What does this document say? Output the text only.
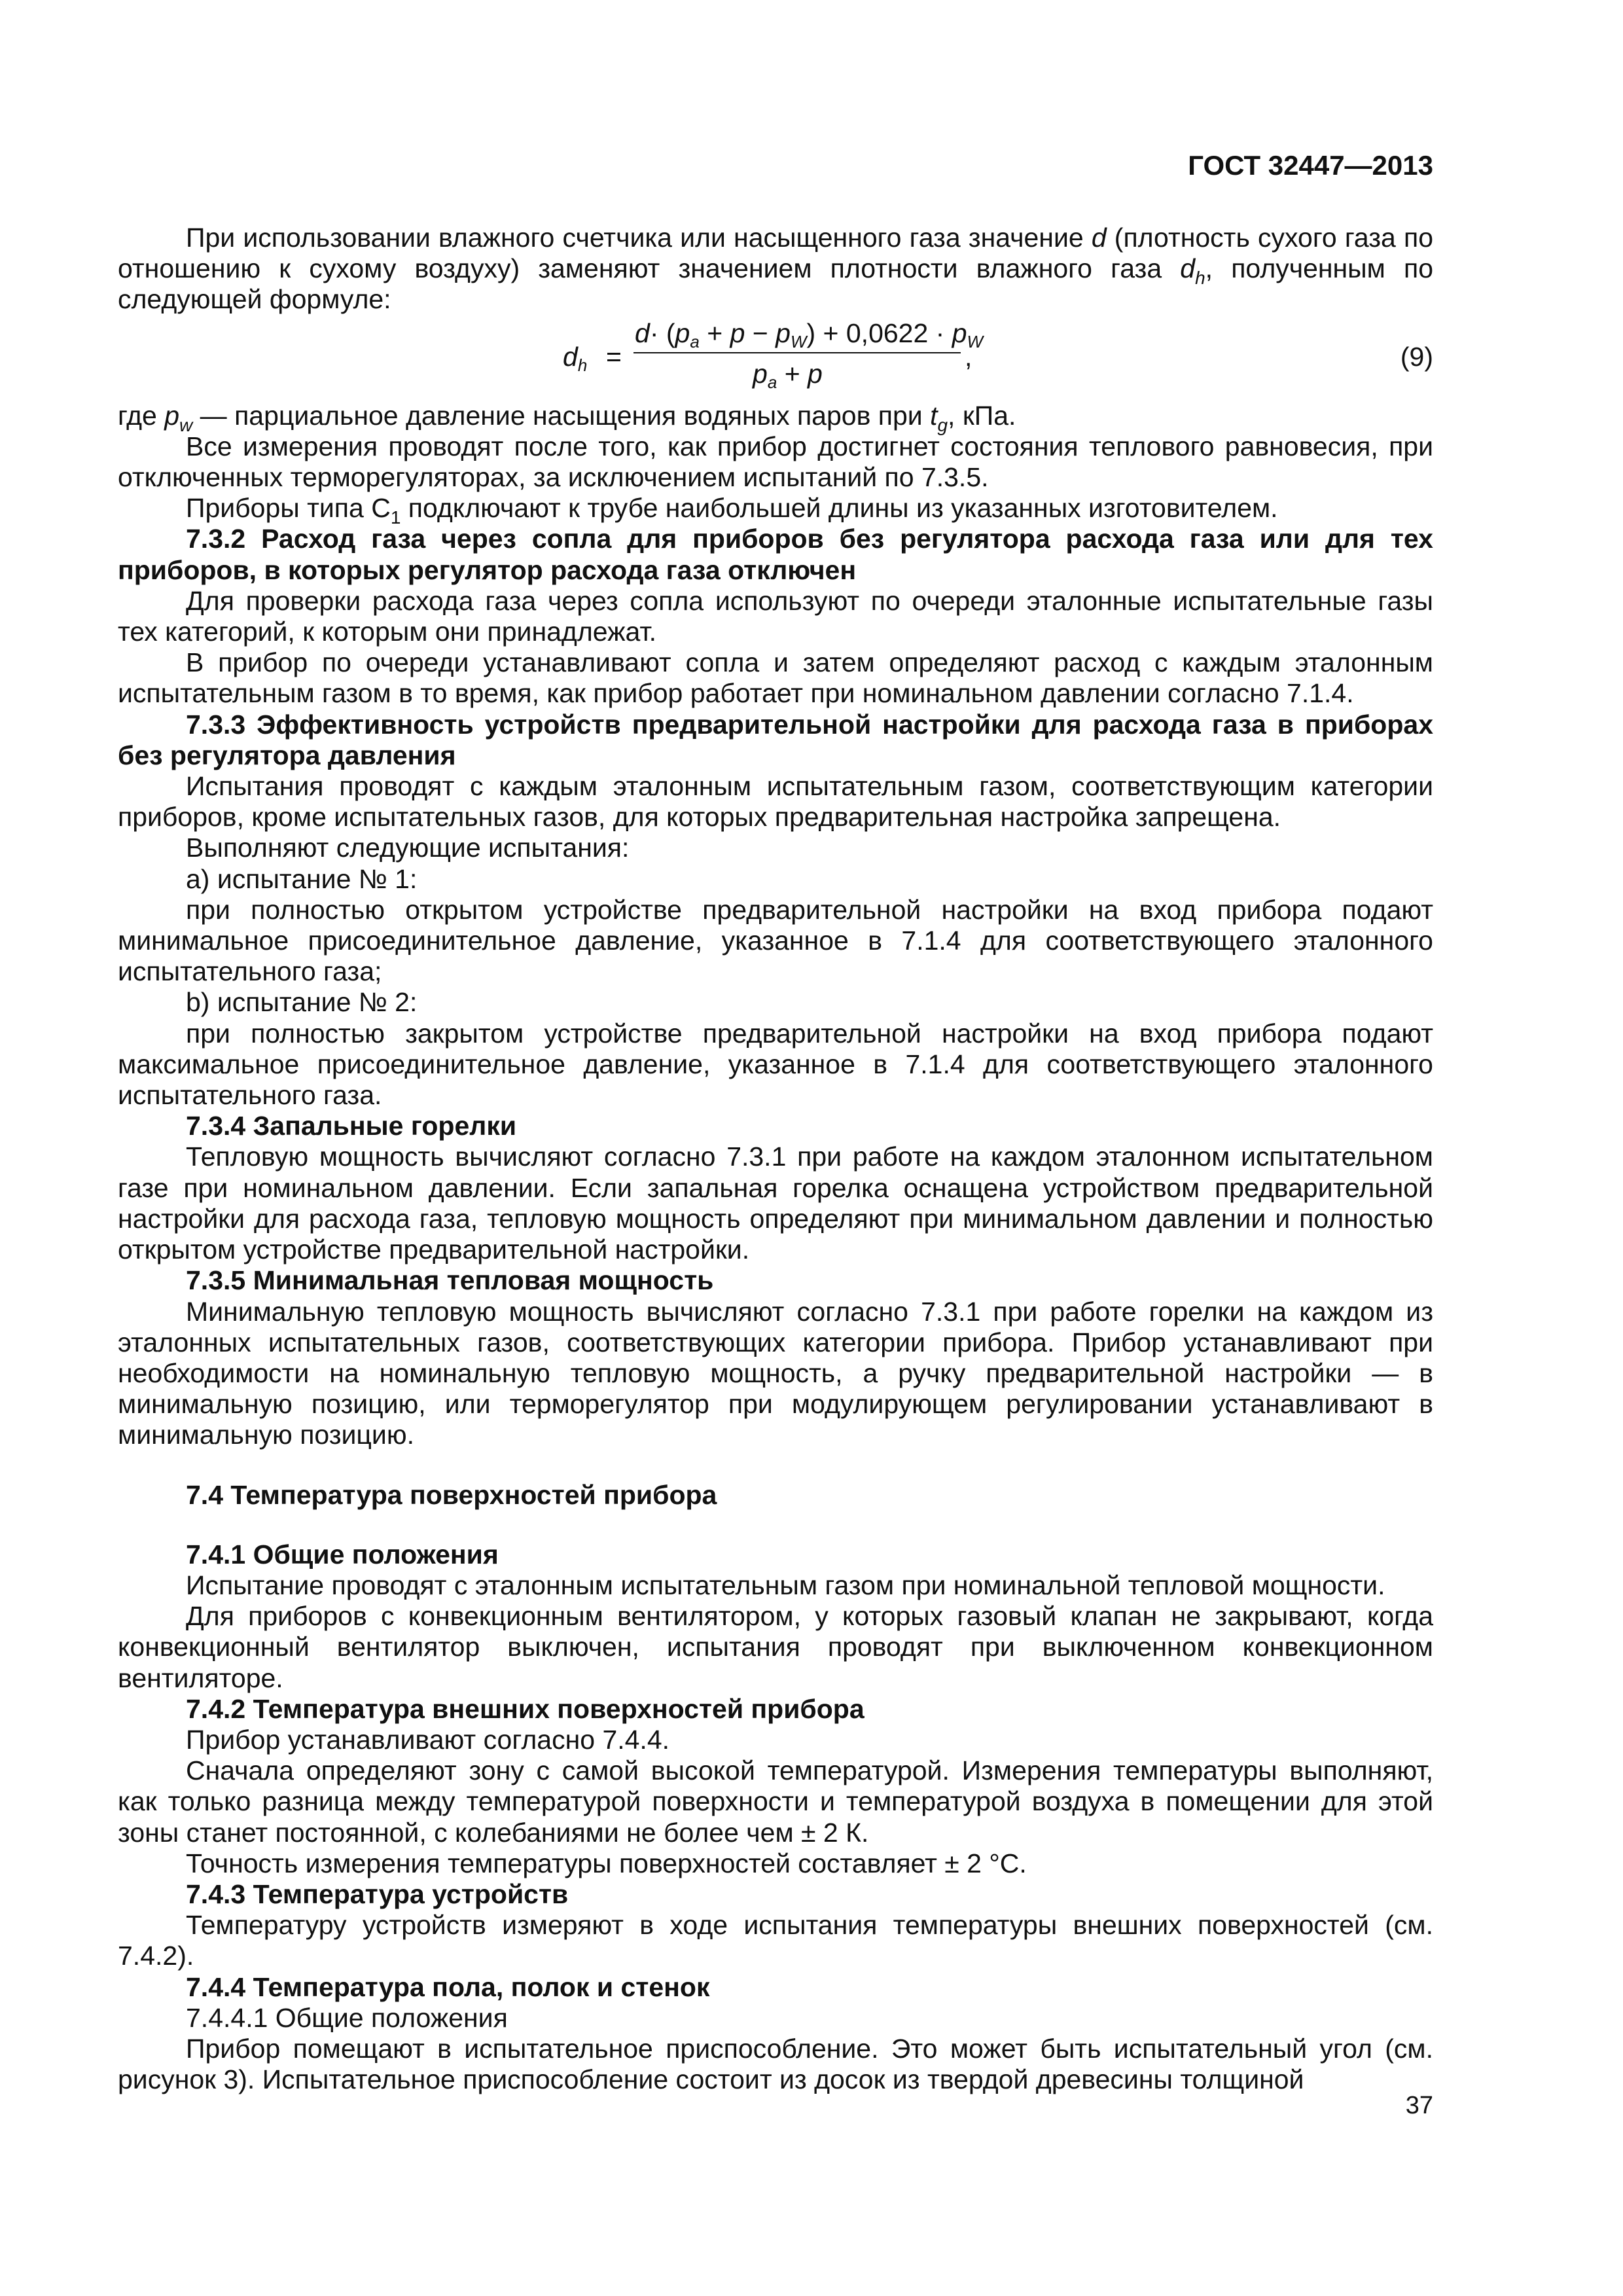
ГОСТ 32447—2013

При использовании влажного счетчика или насыщенного газа значение d (плотность сухого газа по отношению к сухому воздуху) заменяют значением плотности влажного газа $d_h$, полученным по следующей формуле:

$d_h$ =
$d\cdot (p_a + p - p_W) + 0,0622 \cdot p_W$
$p_a + p$
,	(9)

где $p_w$ — парциальное давление насыщения водяных паров при $t_g$, кПа.

Все измерения проводят после того, как прибор достигнет состояния теплового равновесия, при отключенных терморегуляторах, за исключением испытаний по 7.3.5.

Приборы типа $С_1$ подключают к трубе наибольшей длины из указанных изготовителем.

7.3.2 Расход газа через сопла для приборов без регулятора расхода газа или для тех приборов, в которых регулятор расхода газа отключен

Для проверки расхода газа через сопла используют по очереди эталонные испытательные газы тех категорий, к которым они принадлежат.

В прибор по очереди устанавливают сопла и затем определяют расход с каждым эталонным испытательным газом в то время, как прибор работает при номинальном давлении согласно 7.1.4.

7.3.3 Эффективность устройств предварительной настройки для расхода газа в приборах без регулятора давления

Испытания проводят с каждым эталонным испытательным газом, соответствующим категории приборов, кроме испытательных газов, для которых предварительная настройка запрещена.

Выполняют следующие испытания:

a) испытание № 1:

при полностью открытом устройстве предварительной настройки на вход прибора подают минимальное присоединительное давление, указанное в 7.1.4 для соответствующего эталонного испытательного газа;

b) испытание № 2:

при полностью закрытом устройстве предварительной настройки на вход прибора подают максимальное присоединительное давление, указанное в 7.1.4 для соответствующего эталонного испытательного газа.

7.3.4 Запальные горелки

Тепловую мощность вычисляют согласно 7.3.1 при работе на каждом эталонном испытательном газе при номинальном давлении. Если запальная горелка оснащена устройством предварительной настройки для расхода газа, тепловую мощность определяют при минимальном давлении и полностью открытом устройстве предварительной настройки.

7.3.5 Минимальная тепловая мощность

Минимальную тепловую мощность вычисляют согласно 7.3.1 при работе горелки на каждом из эталонных испытательных газов, соответствующих категории прибора. Прибор устанавливают при необходимости на номинальную тепловую мощность, а ручку предварительной настройки — в минимальную позицию, или терморегулятор при модулирующем регулировании устанавливают в минимальную позицию.

7.4 Температура поверхностей прибора

7.4.1 Общие положения

Испытание проводят с эталонным испытательным газом при номинальной тепловой мощности.

Для приборов с конвекционным вентилятором, у которых газовый клапан не закрывают, когда конвекционный вентилятор выключен, испытания проводят при выключенном конвекционном вентиляторе.

7.4.2 Температура внешних поверхностей прибора

Прибор устанавливают согласно 7.4.4.

Сначала определяют зону с самой высокой температурой. Измерения температуры выполняют, как только разница между температурой поверхности и температурой воздуха в помещении для этой зоны станет постоянной, с колебаниями не более чем ± 2 К.

Точность измерения температуры поверхностей составляет ± 2 °С.

7.4.3 Температура устройств

Температуру устройств измеряют в ходе испытания температуры внешних поверхностей (см. 7.4.2).

7.4.4 Температура пола, полок и стенок

7.4.4.1 Общие положения

Прибор помещают в испытательное приспособление. Это может быть испытательный угол (см. рисунок 3). Испытательное приспособление состоит из досок из твердой древесины толщиной

37
